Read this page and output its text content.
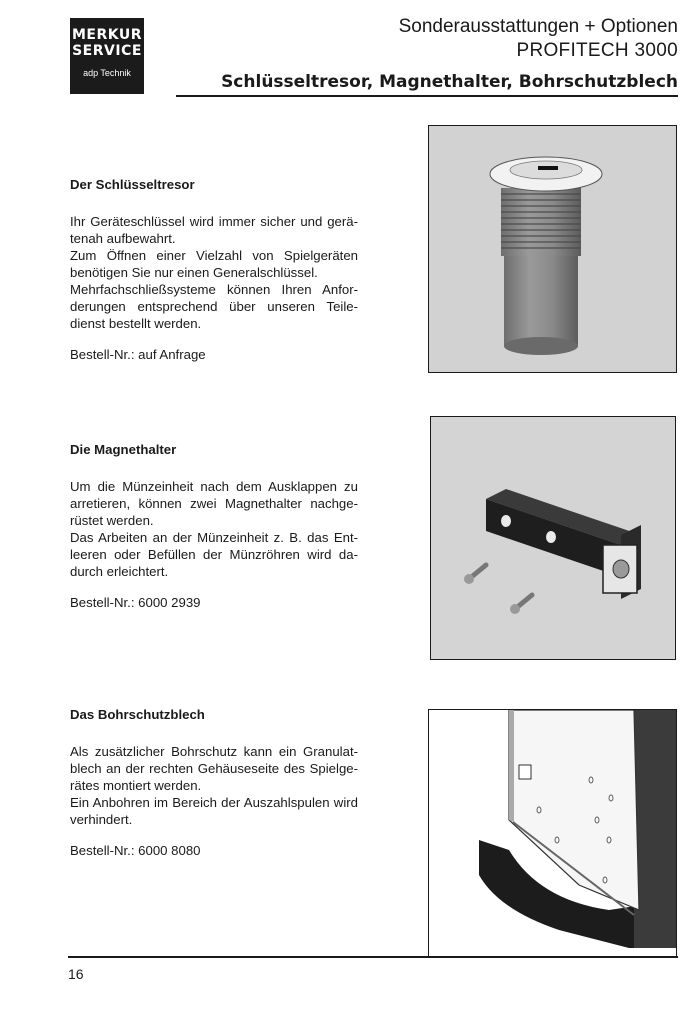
MERKUR
SERVICE
adp Technik
Sonderausstattungen + Optionen
PROFITECH 3000
Schlüsseltresor, Magnethalter, Bohrschutzblech
Der Schlüsseltresor

Ihr Geräteschlüssel wird immer sicher und gerä-tenah aufbewahrt.

Zum Öffnen einer Vielzahl von Spielgeräten benötigen Sie nur einen Generalschlüssel.

Mehrfachschließsysteme können Ihren Anfor-derungen entsprechend über unseren Teile-dienst bestellt werden.

Bestell-Nr.: auf Anfrage

Die Magnethalter

Um die Münzeinheit nach dem Ausklappen zu arretieren, können zwei Magnethalter nachge-rüstet werden.

Das Arbeiten an der Münzeinheit z. B. das Ent-leeren oder Befüllen der Münzröhren wird da-durch erleichtert.

Bestell-Nr.: 6000 2939

Das Bohrschutzblech

Als zusätzlicher Bohrschutz kann ein Granulat-blech an der rechten Gehäuseseite des Spielge-rätes montiert werden.

Ein Anbohren im Bereich der Auszahlspulen wird verhindert.

Bestell-Nr.: 6000 8080

16
